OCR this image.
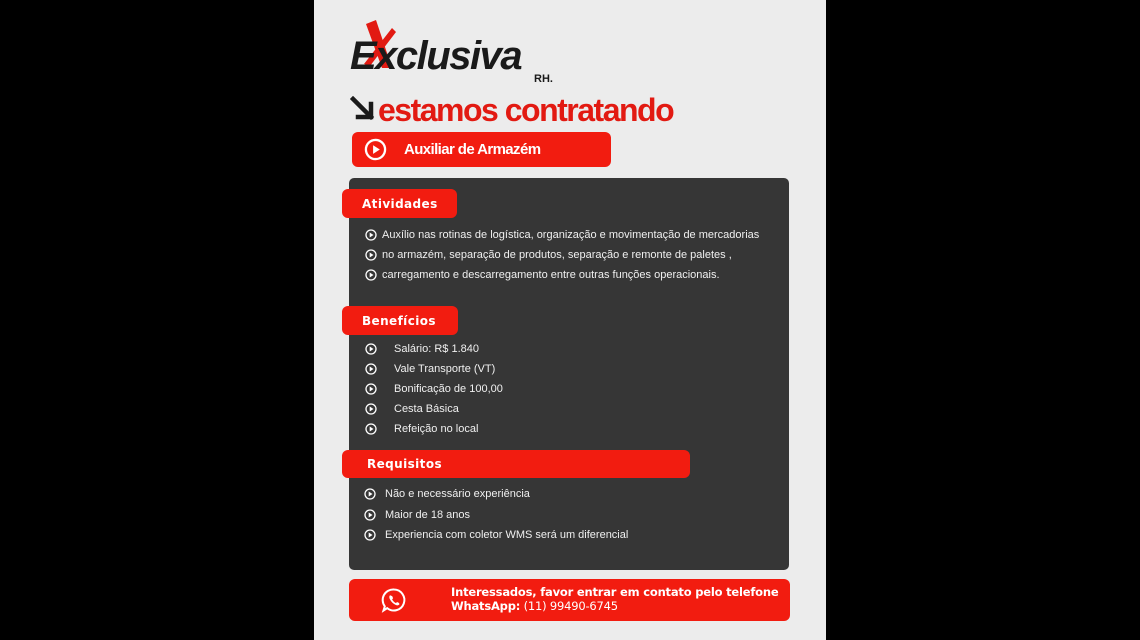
Exclusiva
RH.
estamos contratando
Auxiliar de Armazém
Atividades
Auxílio nas rotinas de logística, organização e movimentação de mercadorias
no armazém, separação de produtos, separação e remonte de paletes ,
carregamento e descarregamento entre outras funções operacionais.
Benefícios
Salário: R$ 1.840
Vale Transporte (VT)
Bonificação de 100,00
Cesta Básica
Refeição no local
Requisitos
Não e necessário experiência
Maior de 18 anos
Experiencia com coletor WMS será um diferencial
Interessados, favor entrar em contato pelo telefone
WhatsApp: (11) 99490-6745
